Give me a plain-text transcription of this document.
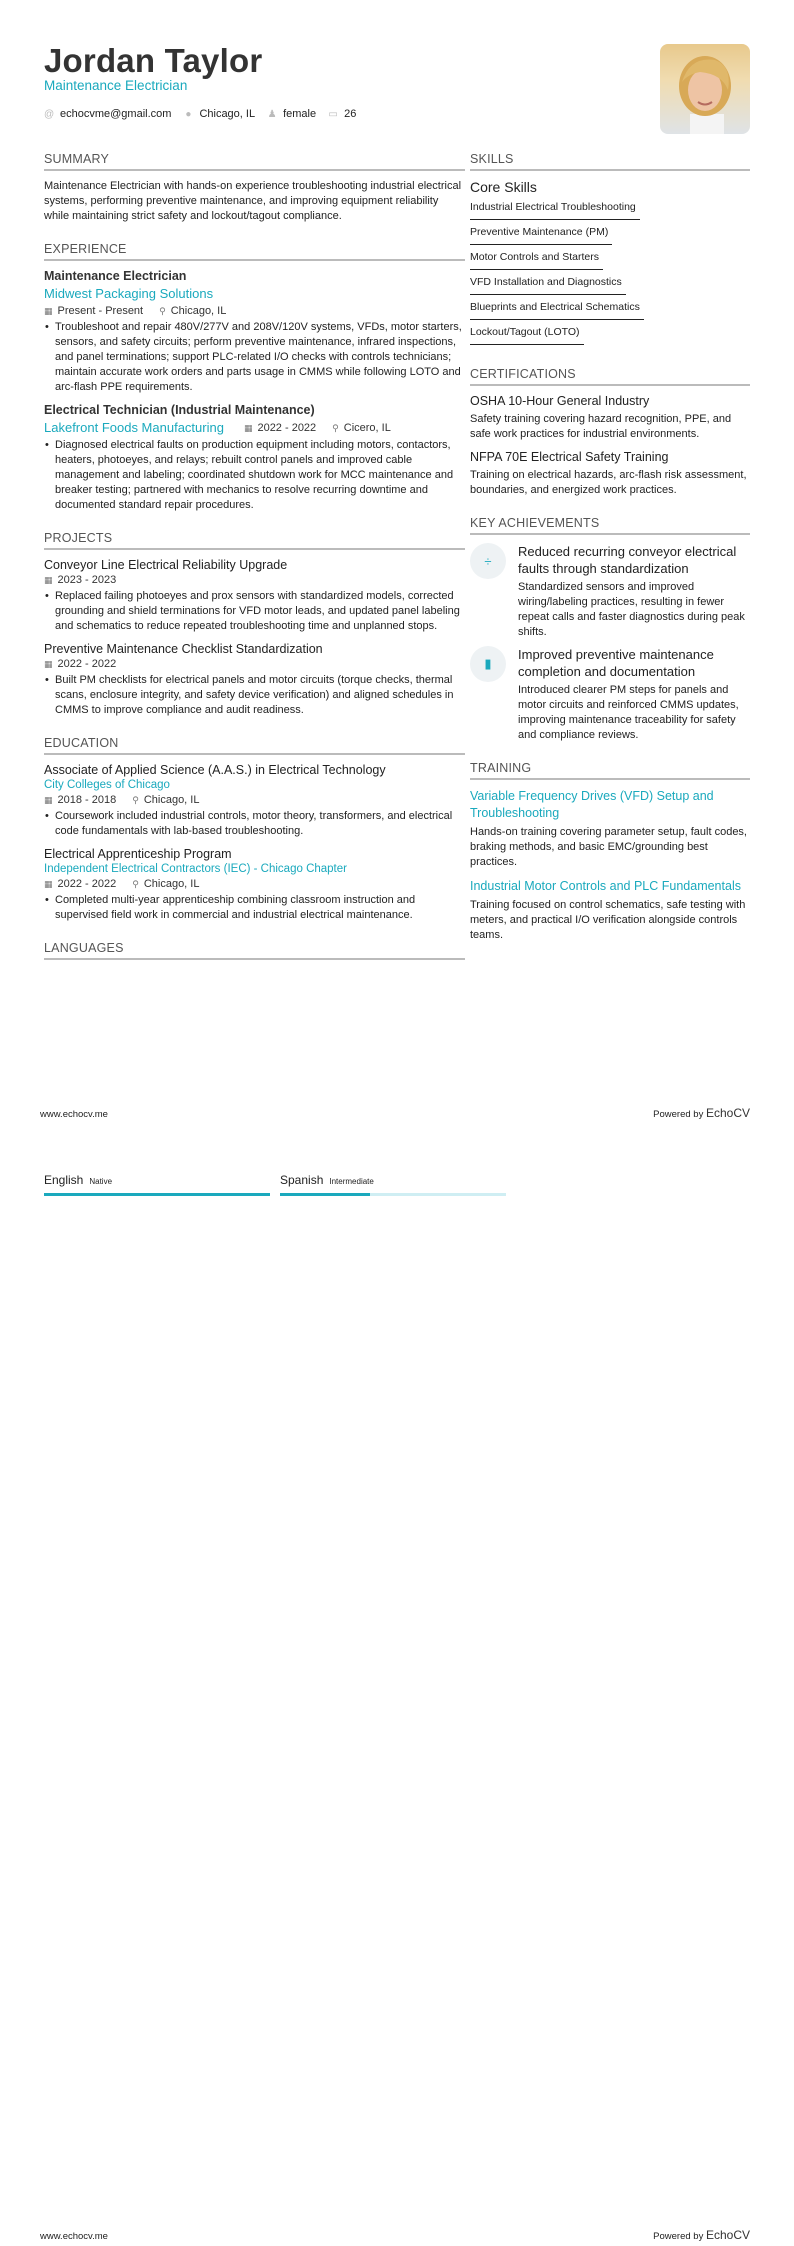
Jordan Taylor
Maintenance Electrician
@ echocvme@gmail.com ● Chicago, IL ♟ female ▭ 26
SUMMARY
Maintenance Electrician with hands-on experience troubleshooting industrial electrical systems, performing preventive maintenance, and improving equipment reliability while maintaining strict safety and lockout/tagout compliance.
EXPERIENCE
Maintenance Electrician
Midwest Packaging Solutions
▦ Present - Present ⚲ Chicago, IL
• Troubleshoot and repair 480V/277V and 208V/120V systems, VFDs, motor starters, sensors, and safety circuits; perform preventive maintenance, infrared inspections, and panel terminations; support PLC-related I/O checks with controls technicians; maintain accurate work orders and parts usage in CMMS while following LOTO and arc-flash PPE requirements.
Electrical Technician (Industrial Maintenance)
Lakefront Foods Manufacturing ▦ 2022 - 2022 ⚲ Cicero, IL
• Diagnosed electrical faults on production equipment including motors, contactors, heaters, photoeyes, and relays; rebuilt control panels and improved cable management and labeling; coordinated shutdown work for MCC maintenance and breaker testing; partnered with mechanics to resolve recurring downtime and documented standard repair procedures.
PROJECTS
Conveyor Line Electrical Reliability Upgrade
▦ 2023 - 2023
• Replaced failing photoeyes and prox sensors with standardized models, corrected grounding and shield terminations for VFD motor leads, and updated panel labeling and schematics to reduce repeated troubleshooting time and unplanned stops.
Preventive Maintenance Checklist Standardization
▦ 2022 - 2022
• Built PM checklists for electrical panels and motor circuits (torque checks, thermal scans, enclosure integrity, and safety device verification) and aligned schedules in CMMS to improve compliance and audit readiness.
EDUCATION
Associate of Applied Science (A.A.S.) in Electrical Technology
City Colleges of Chicago
▦ 2018 - 2018 ⚲ Chicago, IL
• Coursework included industrial controls, motor theory, transformers, and electrical code fundamentals with lab-based troubleshooting.
Electrical Apprenticeship Program
Independent Electrical Contractors (IEC) - Chicago Chapter
▦ 2022 - 2022 ⚲ Chicago, IL
• Completed multi-year apprenticeship combining classroom instruction and supervised field work in commercial and industrial electrical maintenance.
LANGUAGES
SKILLS
Core Skills
Industrial Electrical Troubleshooting
Preventive Maintenance (PM)
Motor Controls and Starters
VFD Installation and Diagnostics
Blueprints and Electrical Schematics
Lockout/Tagout (LOTO)
CERTIFICATIONS
OSHA 10-Hour General Industry
Safety training covering hazard recognition, PPE, and safe work practices for industrial environments.
NFPA 70E Electrical Safety Training
Training on electrical hazards, arc-flash risk assessment, boundaries, and energized work practices.
KEY ACHIEVEMENTS
÷
Reduced recurring conveyor electrical faults through standardization
Standardized sensors and improved wiring/labeling practices, resulting in fewer repeat calls and faster diagnostics during peak shifts.
▮
Improved preventive maintenance completion and documentation
Introduced clearer PM steps for panels and motor circuits and reinforced CMMS updates, improving maintenance traceability for safety and compliance reviews.
TRAINING
Variable Frequency Drives (VFD) Setup and Troubleshooting
Hands-on training covering parameter setup, fault codes, braking methods, and basic EMC/grounding best practices.
Industrial Motor Controls and PLC Fundamentals
Training focused on control schematics, safe testing with meters, and practical I/O verification alongside controls teams.
English Native	Spanish Intermediate
www.echocv.me	Powered by EchoCV
www.echocv.me	Powered by EchoCV
